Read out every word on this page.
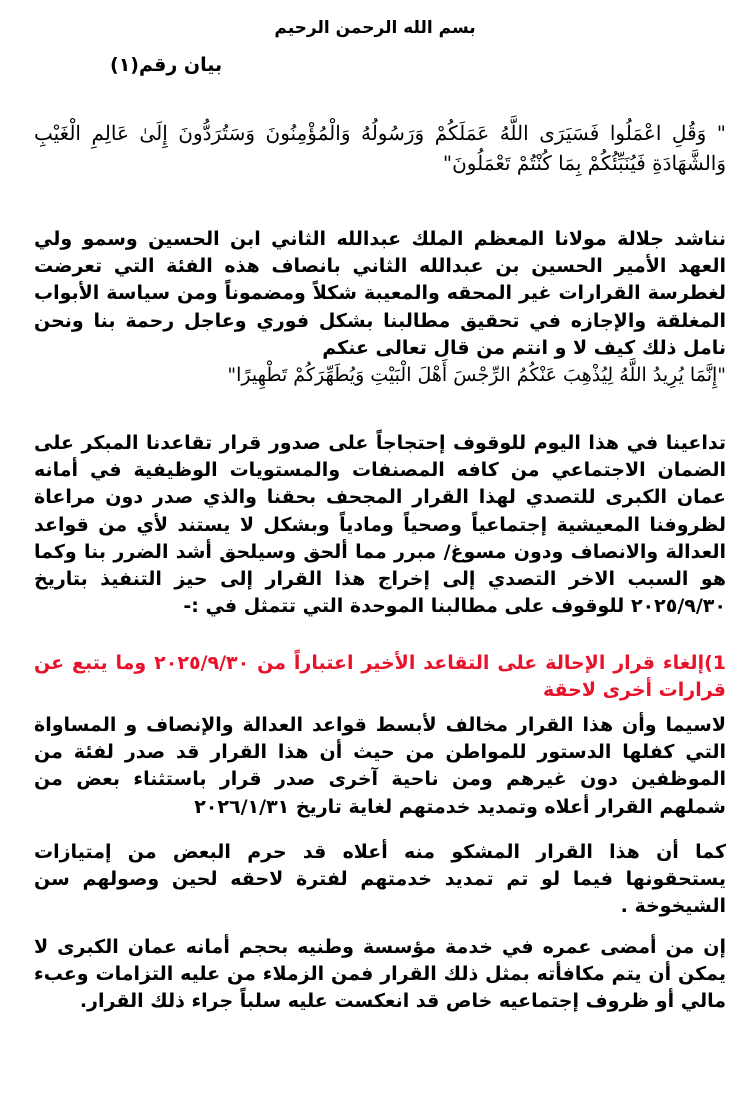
بسم الله الرحمن الرحيم
بيان رقم(١)
" وَقُلِ اعْمَلُوا فَسَيَرَى اللَّهُ عَمَلَكُمْ وَرَسُولُهُ وَالْمُؤْمِنُونَ وَسَتُرَدُّونَ إِلَىٰ عَالِمِ الْغَيْبِ وَالشَّهَادَةِ فَيُنَبِّئُكُمْ بِمَا كُنْتُمْ تَعْمَلُونَ"
نناشد جلالة مولانا المعظم الملك عبدالله الثاني ابن الحسين وسمو ولي العهد الأمير الحسين بن عبدالله الثاني بانصاف هذه الفئة التي تعرضت لغطرسة القرارات غير المحقه والمعيبة شكلاً ومضموناً ومن سياسة الأبواب المغلقة والإجازه في تحقيق مطالبنا بشكل فوري وعاجل رحمة بنا ونحن نامل ذلك كيف لا و انتم من قال تعالى عنكم
"إِنَّمَا يُرِيدُ اللَّهُ لِيُذْهِبَ عَنْكُمُ الرِّجْسَ أَهْلَ الْبَيْتِ وَيُطَهِّرَكُمْ تَطْهِيرًا"
تداعينا في هذا اليوم للوقوف إحتجاجاً على صدور قرار تقاعدنا المبكر على الضمان الاجتماعي من كافه المصنفات والمستويات الوظيفية في أمانه عمان الكبرى للتصدي لهذا القرار المجحف بحقنا والذي صدر دون مراعاة لظروفنا المعيشية إجتماعياً وصحياً ومادياً وبشكل لا يستند لأي من قواعد العدالة والانصاف ودون مسوغ/ مبرر مما ألحق وسيلحق أشد الضرر بنا وكما هو السبب الاخر التصدي إلى إخراج هذا القرار إلى حيز التنفيذ بتاريخ ٢٠٢٥/٩/٣٠ للوقوف على مطالبنا الموحدة التي تتمثل في :-
1)إلغاء قرار الإحالة على التقاعد الأخير اعتباراً من ٢٠٢٥/٩/٣٠ وما يتبع عن قرارات أخرى لاحقة
لاسيما وأن هذا القرار مخالف لأبسط قواعد العدالة والإنصاف و المساواة التي كفلها الدستور للمواطن من حيث أن هذا القرار قد صدر لفئة من الموظفين دون غيرهم ومن ناحية آخرى صدر قرار باستثناء بعض من شملهم القرار أعلاه وتمديد خدمتهم لغاية تاريخ ٢٠٢٦/١/٣١
كما أن هذا القرار المشكو منه أعلاه قد حرم البعض من إمتيازات يستحقونها فيما لو تم تمديد خدمتهم لفترة لاحقه لحين وصولهم سن الشيخوخة .
إن من أمضى عمره في خدمة مؤسسة وطنيه بحجم أمانه عمان الكبرى لا يمكن أن يتم مكافأته بمثل ذلك القرار فمن الزملاء من عليه التزامات وعبء مالي أو ظروف إجتماعيه خاص قد انعكست عليه سلباً جراء ذلك القرار.
